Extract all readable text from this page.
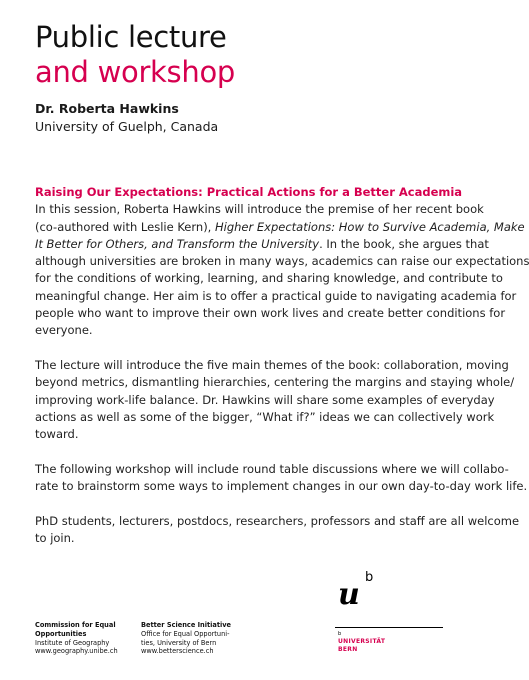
Public lecture
and workshop
Dr. Roberta Hawkins
University of Guelph, Canada

Raising Our Expectations: Practical Actions for a Better Academia
In this session, Roberta Hawkins will introduce the premise of her recent book
(co-authored with Leslie Kern), Higher Expectations: How to Survive Academia, Make
It Better for Others, and Transform the University. In the book, she argues that
although universities are broken in many ways, academics can raise our expectations
for the conditions of working, learning, and sharing knowledge, and contribute to
meaningful change. Her aim is to offer a practical guide to navigating academia for
people who want to improve their own work lives and create better conditions for
everyone.

The lecture will introduce the five main themes of the book: collaboration, moving
beyond metrics, dismantling hierarchies, centering the margins and staying whole/
improving work-life balance. Dr. Hawkins will share some examples of everyday
actions as well as some of the bigger, “What if?” ideas we can collectively work
toward.

The following workshop will include round table discussions where we will collabo-
rate to brainstorm some ways to implement changes in our own day-to-day work life.

PhD students, lecturers, postdocs, researchers, professors and staff are all welcome
to join.

Commission for Equal
Opportunities
Institute of Geography
www.geography.unibe.ch
Better Science Initiative
Office for Equal Opportuni-
ties, University of Bern
www.betterscience.ch
u b
b
UNIVERSITÄT
BERN
